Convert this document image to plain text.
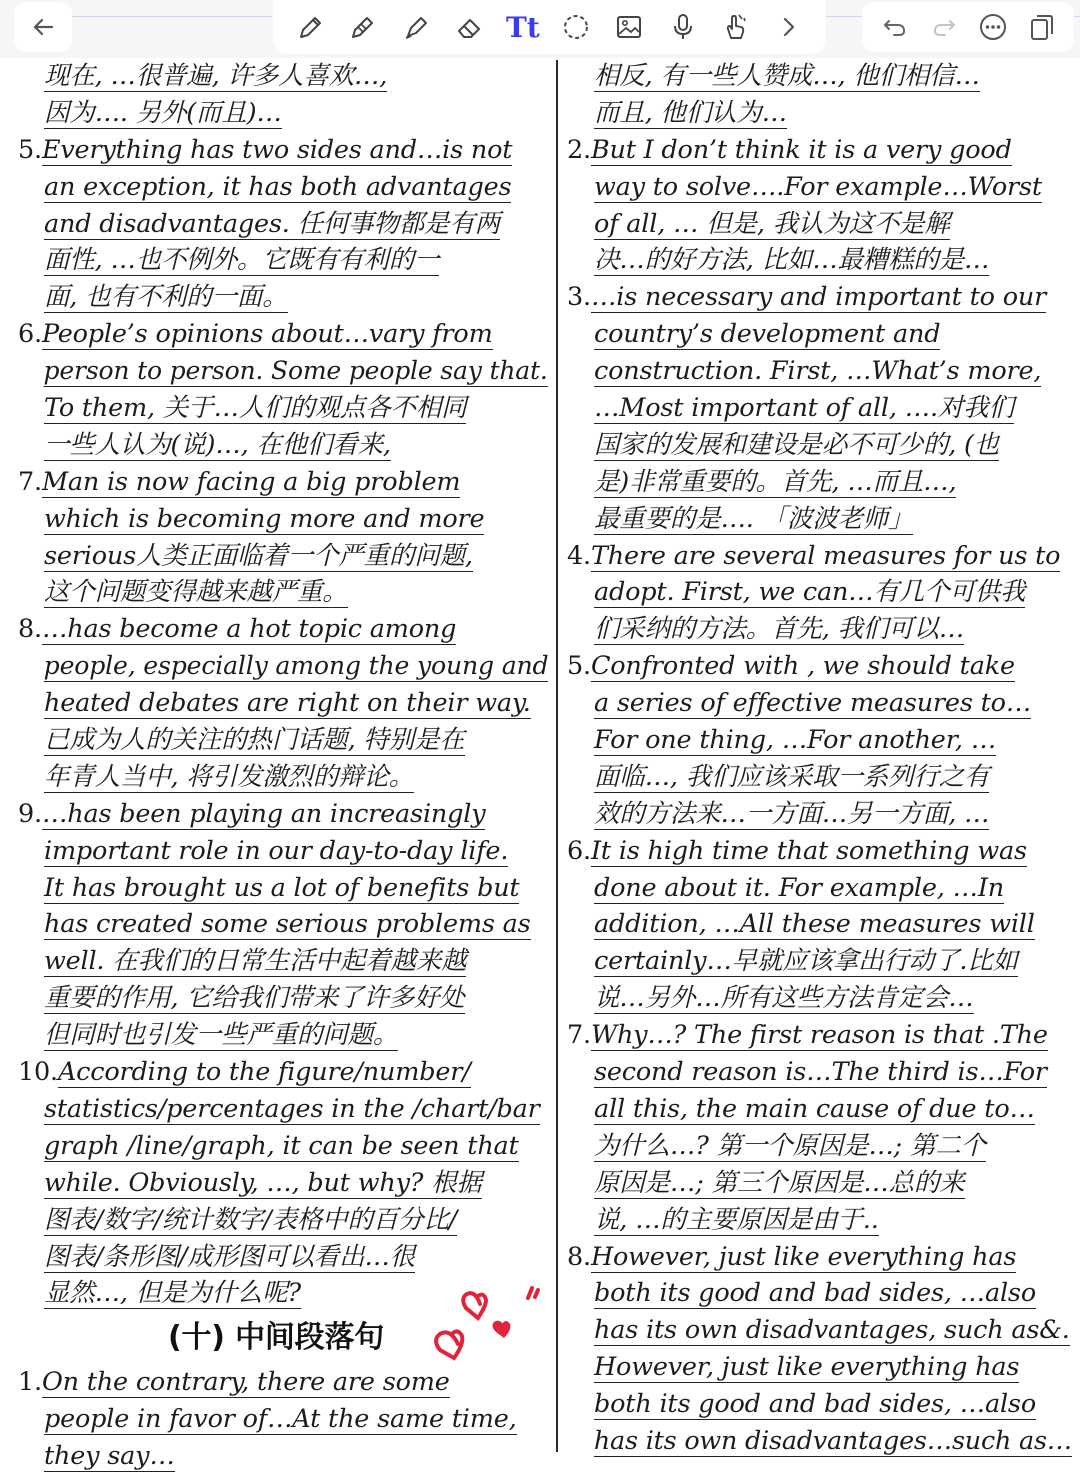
Tt
现在, …很普遍, 许多人喜欢…,
因为…. 另外(而且)…
5.Everything has two sides and…is not
an exception, it has both advantages
and disadvantages. 任何事物都是有两
面性, …也不例外。它既有有利的一
面, 也有不利的一面。
6.People’s opinions about…vary from
person to person. Some people say that.
To them, 关于…人们的观点各不相同
一些人认为(说)…, 在他们看来,
7.Man is now facing a big problem
which is becoming more and more
serious人类正面临着一个严重的问题,
这个问题变得越来越严重。
8.…has become a hot topic among
people, especially among the young and
heated debates are right on their way.
已成为人的关注的热门话题, 特别是在
年青人当中, 将引发激烈的辩论。
9.…has been playing an increasingly
important role in our day-to-day life.
It has brought us a lot of benefits but
has created some serious problems as
well. 在我们的日常生活中起着越来越
重要的作用, 它给我们带来了许多好处
但同时也引发一些严重的问题。
10.According to the figure/number/
statistics/percentages in the /chart/bar
graph /line/graph, it can be seen that
while. Obviously, …, but why? 根据
图表/数字/统计数字/表格中的百分比/
图表/条形图/成形图可以看出…很
显然…, 但是为什么呢?
(十) 中间段落句
1.On the contrary, there are some
people in favor of…At the same time,
they say…
相反, 有一些人赞成…, 他们相信…
而且, 他们认为…
2.But I don’t think it is a very good
way to solve….For example…Worst
of all, … 但是, 我认为这不是解
决…的好方法, 比如…最糟糕的是…
3.…is necessary and important to our
country’s development and
construction. First, …What’s more,
…Most important of all, ….对我们
国家的发展和建设是必不可少的, (也
是)非常重要的。首先, …而且…,
最重要的是…. 「波波老师」
4.There are several measures for us to
adopt. First, we can…有几个可供我
们采纳的方法。首先, 我们可以…
5.Confronted with , we should take
a series of effective measures to…
For one thing, …For another, …
面临…, 我们应该采取一系列行之有
效的方法来…一方面…另一方面, …
6.It is high time that something was
done about it. For example, …In
addition, …All these measures will
certainly…早就应该拿出行动了.比如
说…另外…所有这些方法肯定会…
7.Why…? The first reason is that .The
second reason is…The third is…For
all this, the main cause of due to…
为什么…? 第一个原因是…; 第二个
原因是…; 第三个原因是…总的来
说, …的主要原因是由于..
8.However, just like everything has
both its good and bad sides, …also
has its own disadvantages, such as&.
However, just like everything has
both its good and bad sides, …also
has its own disadvantages…such as…
